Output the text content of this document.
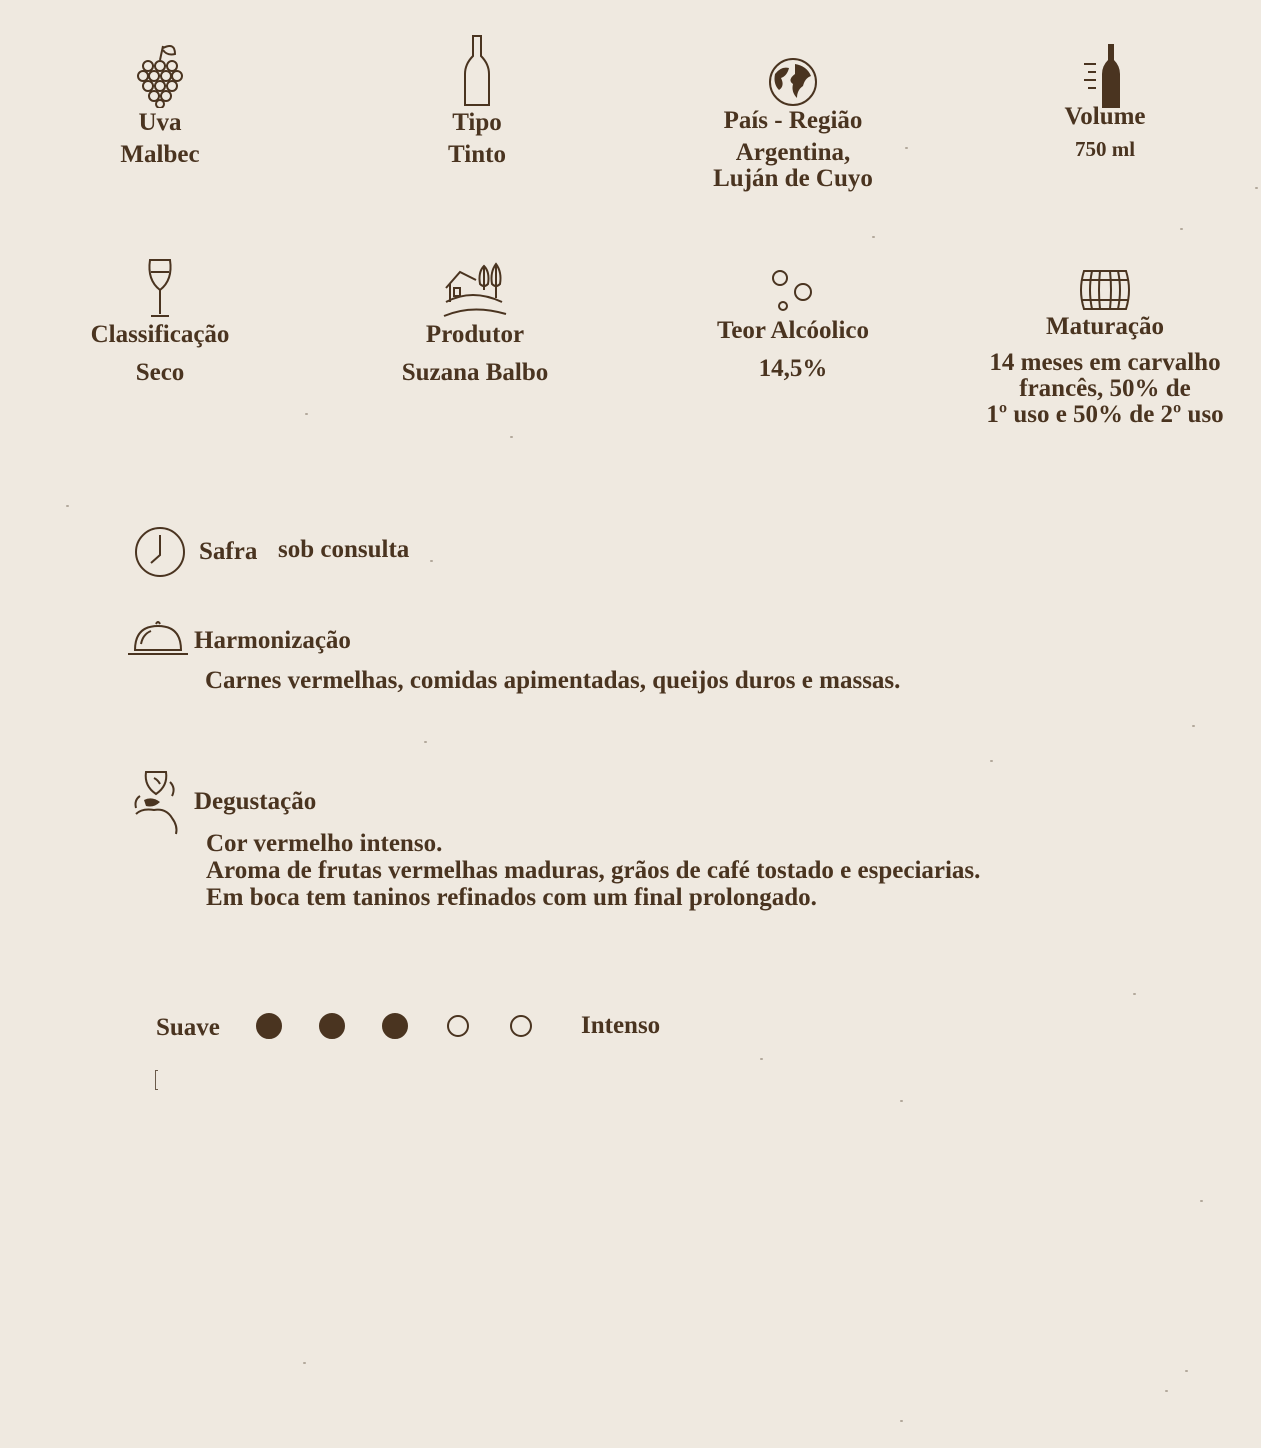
Uva
Malbec
Tipo
Tinto
País - Região
Argentina,
Luján de Cuyo
Volume
750 ml
Classificação
Seco
Produtor
Suzana Balbo
Teor Alcóolico
14,5%
Maturação
14 meses em carvalho
francês, 50% de
1º uso e 50% de 2º uso
Safra sob consulta
Harmonização
Carnes vermelhas, comidas apimentadas, queijos duros e massas.
Degustação
Cor vermelho intenso.
Aroma de frutas vermelhas maduras, grãos de café tostado e especiarias.
Em boca tem taninos refinados com um final prolongado.
Suave	Intenso
